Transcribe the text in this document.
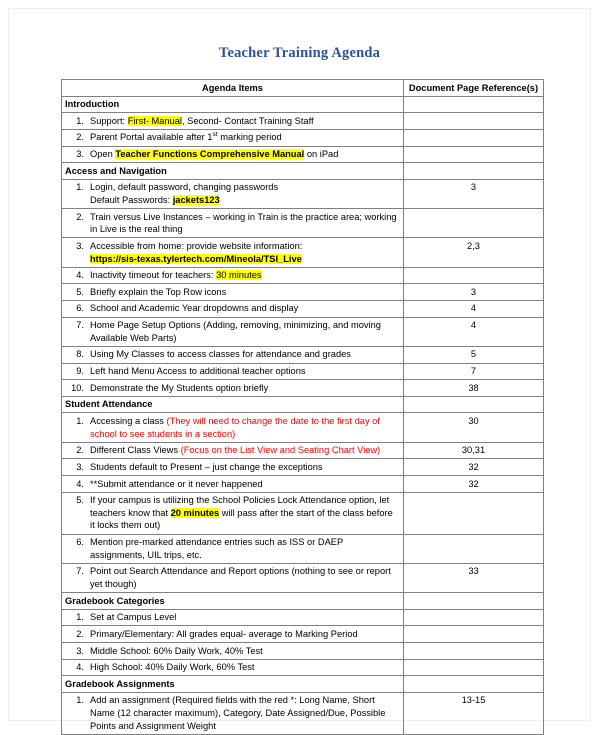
Teacher Training Agenda
Agenda Items	Document Page Reference(s)
Introduction	

1. Support: First- Manual, Second- Contact Training Staff	

2. Parent Portal available after 1st marking period	

3. Open Teacher Functions Comprehensive Manual on iPad	

Access and Navigation	

1. Login, default password, changing passwords
Default Passwords: jackets123	3

2. Train versus Live Instances – working in Train is the practice area; working in Live is the real thing	

3. Accessible from home: provide website information:
https://sis-texas.tylertech.com/Mineola/TSI_Live	2,3

4. Inactivity timeout for teachers: 30 minutes	

5. Briefly explain the Top Row icons	3

6. School and Academic Year dropdowns and display	4

7. Home Page Setup Options (Adding, removing, minimizing, and moving Available Web Parts)	4

8. Using My Classes to access classes for attendance and grades	5

9. Left hand Menu Access to additional teacher options	7

10. Demonstrate the My Students option briefly	38
Student Attendance	

1. Accessing a class (They will need to change the date to the first day of school to see students in a section)	30

2. Different Class Views (Focus on the List View and Seating Chart View)	30,31

3. Students default to Present – just change the exceptions	32

4. **Submit attendance or it never happened	32

5. If your campus is utilizing the School Policies Lock Attendance option, let teachers know that 20 minutes will pass after the start of the class before it locks them out)	

6. Mention pre-marked attendance entries such as ISS or DAEP assignments, UIL trips, etc.	

7. Point out Search Attendance and Report options (nothing to see or report yet though)	33
Gradebook Categories	

1. Set at Campus Level	

2. Primary/Elementary: All grades equal- average to Marking Period	

3. Middle School: 60% Daily Work, 40% Test	

4. High School: 40% Daily Work, 60% Test	

Gradebook Assignments	

1. Add an assignment (Required fields with the red *: Long Name, Short Name (12 character maximum), Category, Date Assigned/Due, Possible Points and Assignment Weight	13-15
